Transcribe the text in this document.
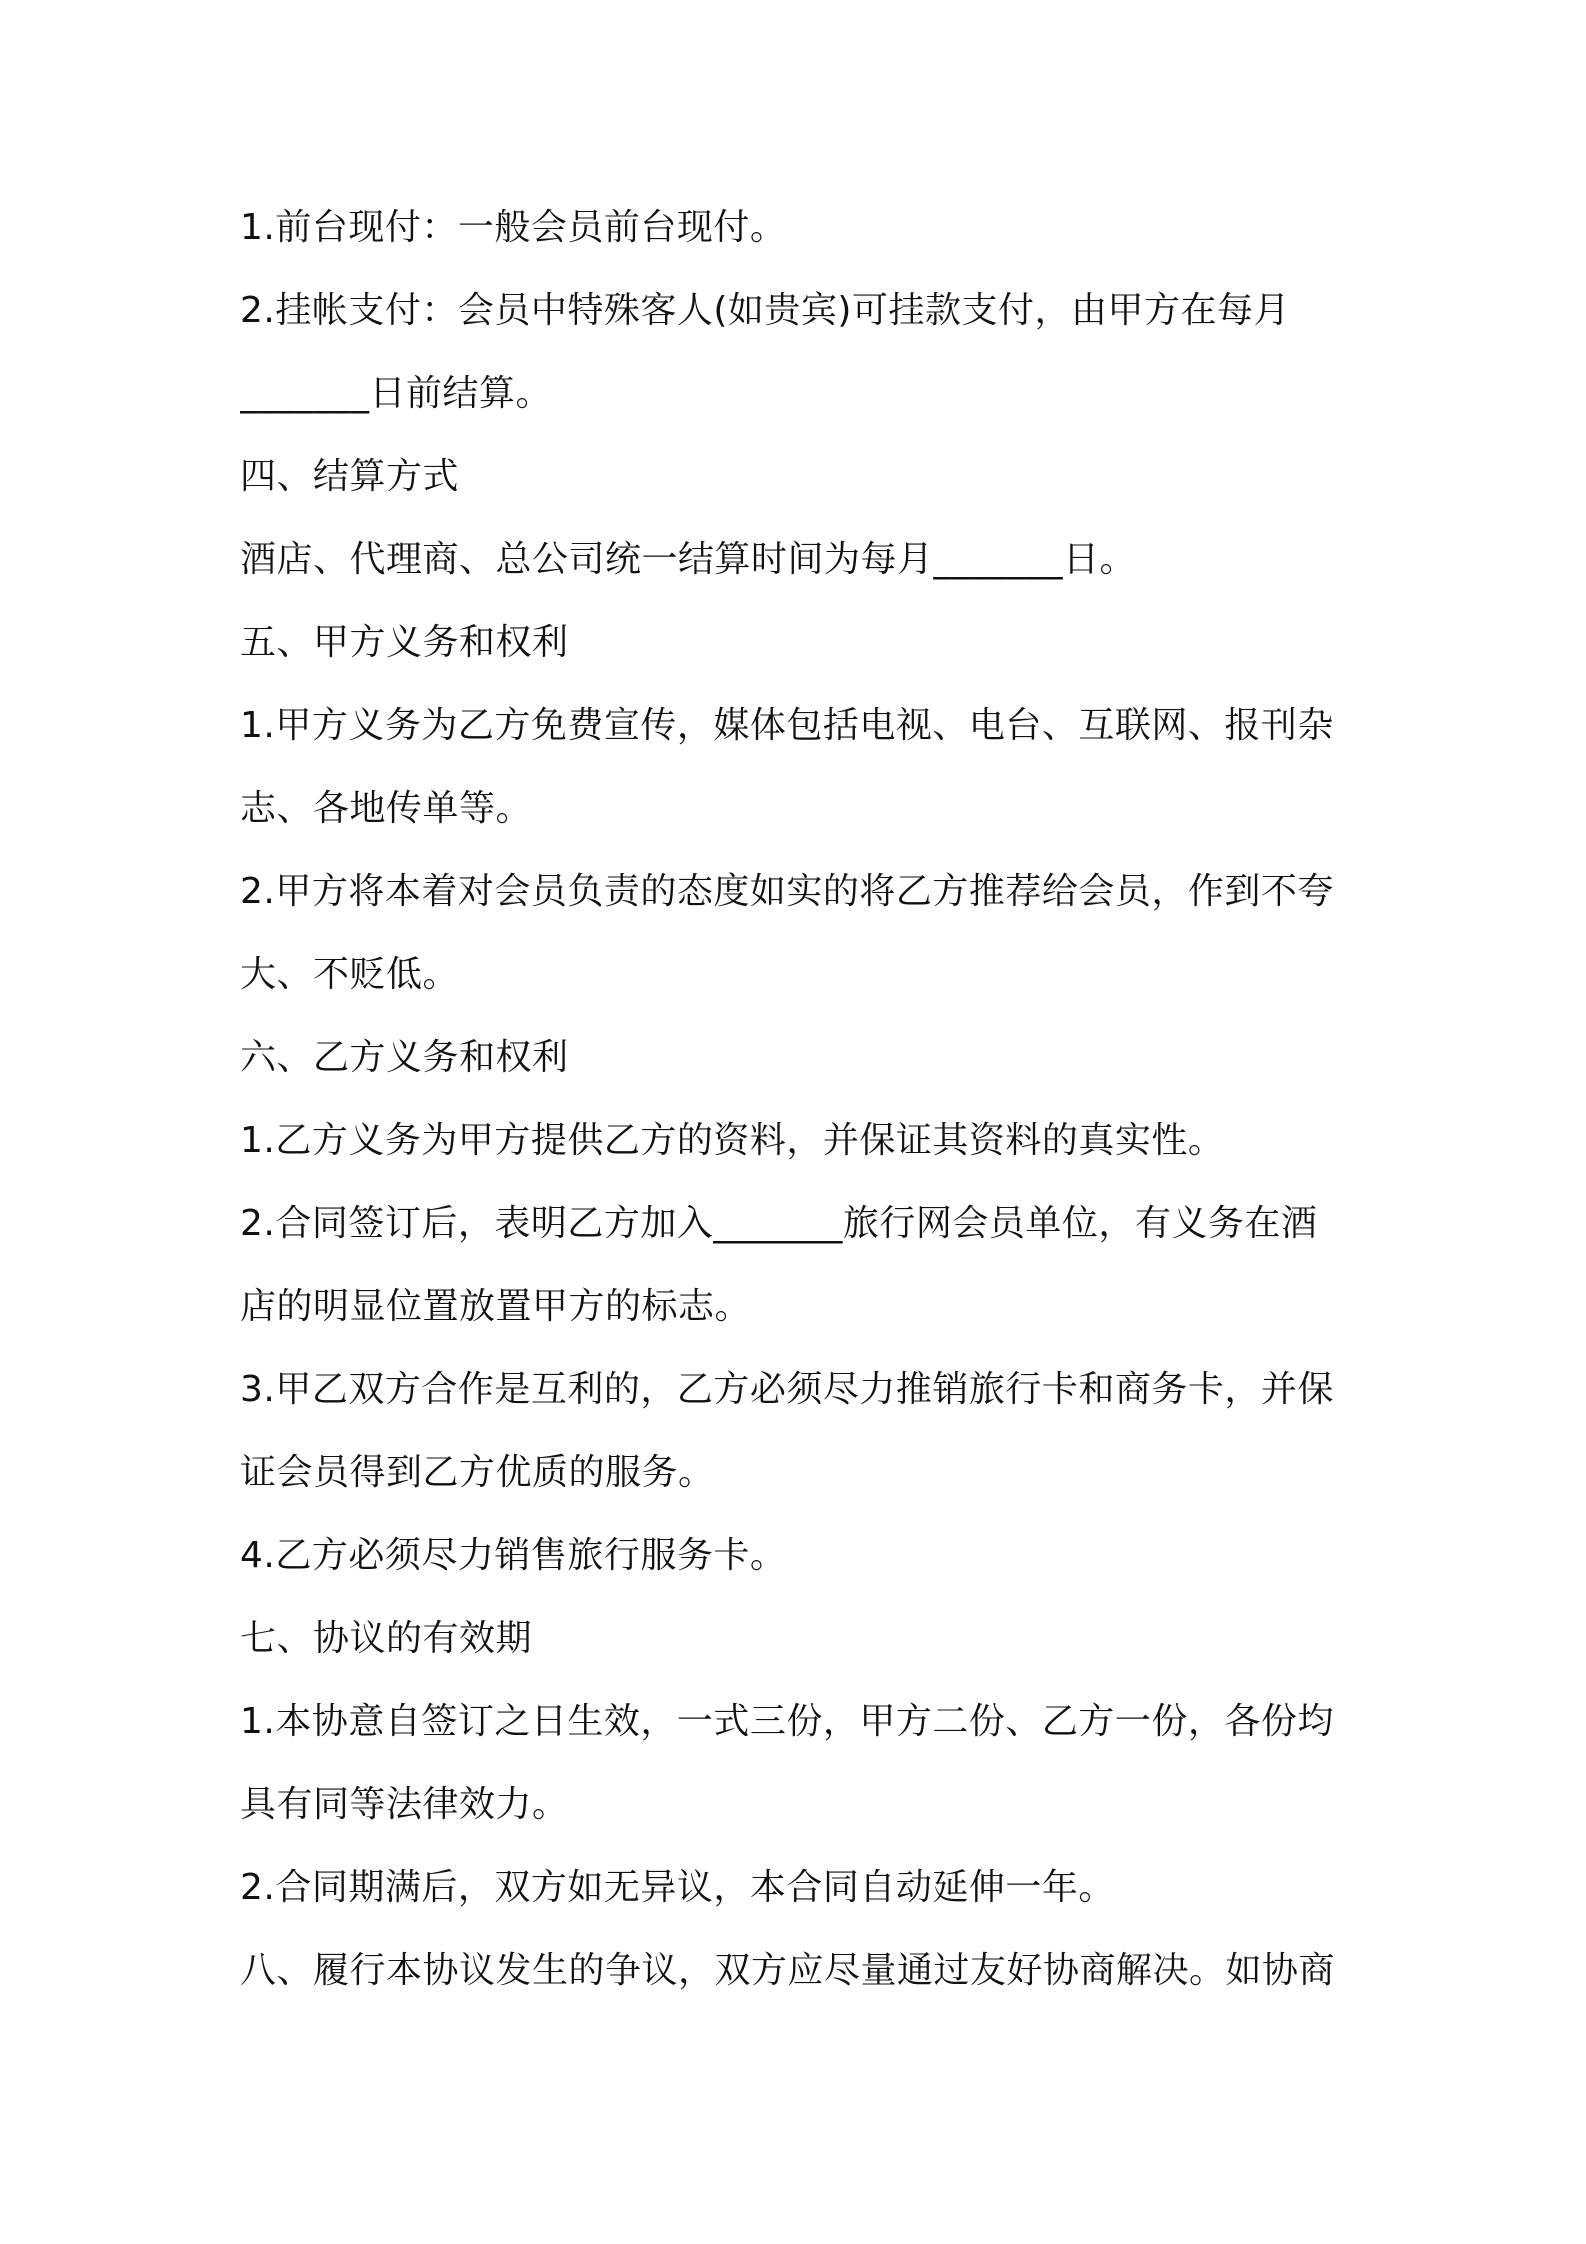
1.前台现付：一般会员前台现付。
2.挂帐支付：会员中特殊客人(如贵宾)可挂款支付，由甲方在每月
_______日前结算。
四、结算方式
酒店、代理商、总公司统一结算时间为每月_______日。
五、甲方义务和权利
1.甲方义务为乙方免费宣传，媒体包括电视、电台、互联网、报刊杂
志、各地传单等。
2.甲方将本着对会员负责的态度如实的将乙方推荐给会员，作到不夸
大、不贬低。
六、乙方义务和权利
1.乙方义务为甲方提供乙方的资料，并保证其资料的真实性。
2.合同签订后，表明乙方加入_______旅行网会员单位，有义务在酒
店的明显位置放置甲方的标志。
3.甲乙双方合作是互利的，乙方必须尽力推销旅行卡和商务卡，并保
证会员得到乙方优质的服务。
4.乙方必须尽力销售旅行服务卡。
七、协议的有效期
1.本协意自签订之日生效，一式三份，甲方二份、乙方一份，各份均
具有同等法律效力。
2.合同期满后，双方如无异议，本合同自动延伸一年。
八、履行本协议发生的争议，双方应尽量通过友好协商解决。如协商
